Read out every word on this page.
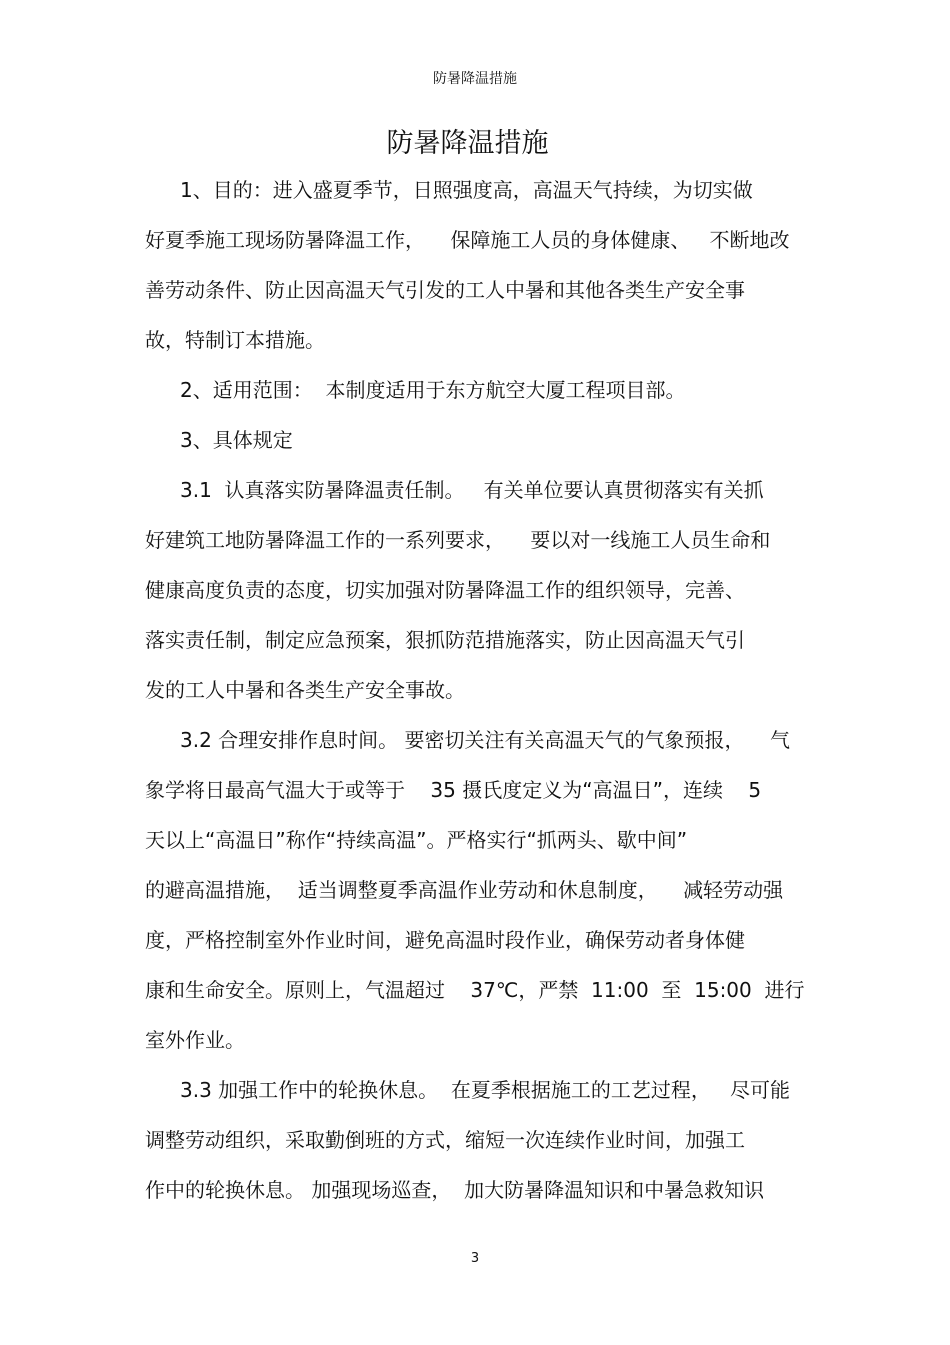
防暑降温措施
防暑降温措施
1、目的：进入盛夏季节，日照强度高，高温天气持续，为切实做
好夏季施工现场防暑降温工作，    保障施工人员的身体健康、   不断地改
善劳动条件、防止因高温天气引发的工人中暑和其他各类生产安全事
故，特制订本措施。
2、适用范围：  本制度适用于东方航空大厦工程项目部。
3、具体规定
3.1  认真落实防暑降温责任制。   有关单位要认真贯彻落实有关抓
好建筑工地防暑降温工作的一系列要求，    要以对一线施工人员生命和
健康高度负责的态度，切实加强对防暑降温工作的组织领导，完善、
落实责任制，制定应急预案，狠抓防范措施落实，防止因高温天气引
发的工人中暑和各类生产安全事故。
3.2 合理安排作息时间。 要密切关注有关高温天气的气象预报，    气
象学将日最高气温大于或等于    35 摄氏度定义为“高温日”，连续    5
天以上“高温日”称作“持续高温”。严格实行“抓两头、歇中间”
的避高温措施，  适当调整夏季高温作业劳动和休息制度，    减轻劳动强
度，严格控制室外作业时间，避免高温时段作业，确保劳动者身体健
康和生命安全。原则上，气温超过    37℃，严禁  11:00  至  15:00  进行
室外作业。
3.3 加强工作中的轮换休息。  在夏季根据施工的工艺过程，   尽可能
调整劳动组织，采取勤倒班的方式，缩短一次连续作业时间，加强工
作中的轮换休息。 加强现场巡查，  加大防暑降温知识和中暑急救知识
3
